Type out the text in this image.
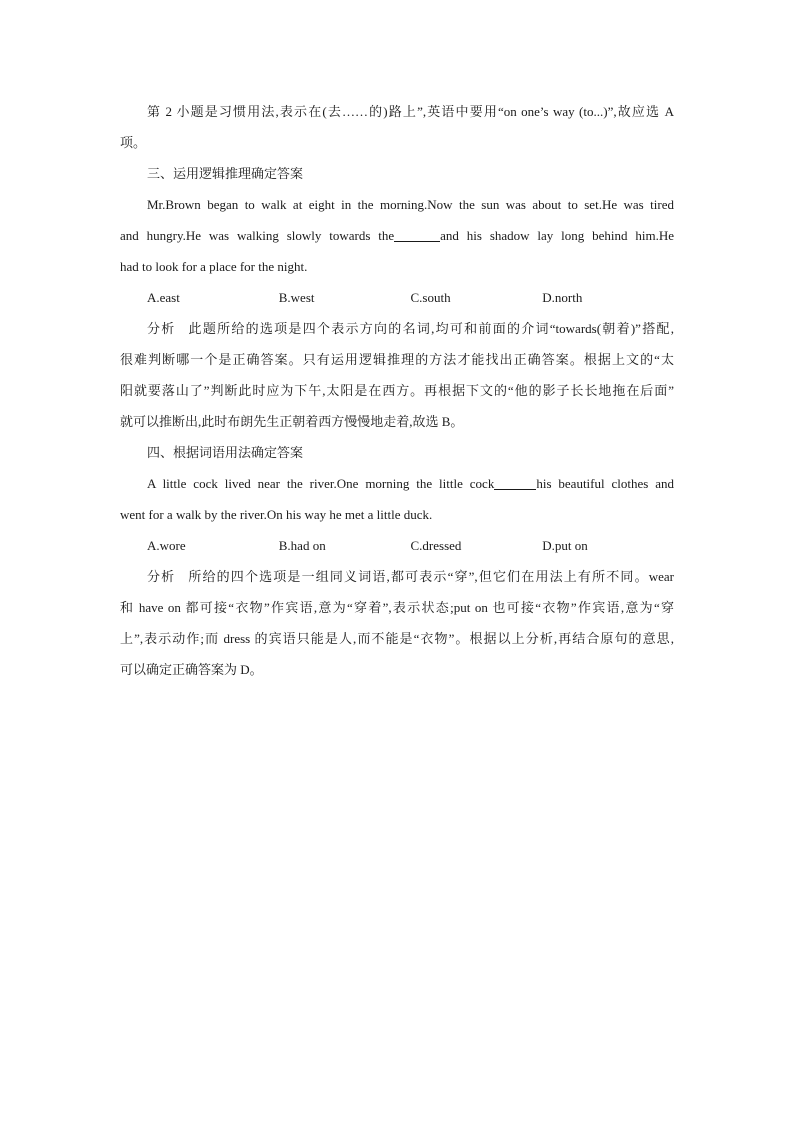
第 2 小题是习惯用法,表示在(去……的)路上”,英语中要用“on one’s way (to...)”,故应选 A
项。
三、运用逻辑推理确定答案
Mr.Brown began to walk at eight in the morning.Now the sun was about to set.He was tired
and hungry.He was walking slowly towards the	and his shadow lay long behind him.He
had to look for a place for the night.
A.east	B.west	C.south	D.north
分析 此题所给的选项是四个表示方向的名词,均可和前面的介词“towards(朝着)”搭配,
很难判断哪一个是正确答案。只有运用逻辑推理的方法才能找出正确答案。根据上文的“太
阳就要落山了”判断此时应为下午,太阳是在西方。再根据下文的“他的影子长长地拖在后面”
就可以推断出,此时布朗先生正朝着西方慢慢地走着,故选 B。
四、根据词语用法确定答案
A little cock lived near the river.One morning the little cock	his beautiful clothes and
went for a walk by the river.On his way he met a little duck.
A.wore	B.had on	C.dressed	D.put on
分析 所给的四个选项是一组同义词语,都可表示“穿”,但它们在用法上有所不同。wear
和 have on 都可接“衣物”作宾语,意为“穿着”,表示状态;put on 也可接“衣物”作宾语,意为“穿
上”,表示动作;而 dress 的宾语只能是人,而不能是“衣物”。根据以上分析,再结合原句的意思,
可以确定正确答案为 D。
